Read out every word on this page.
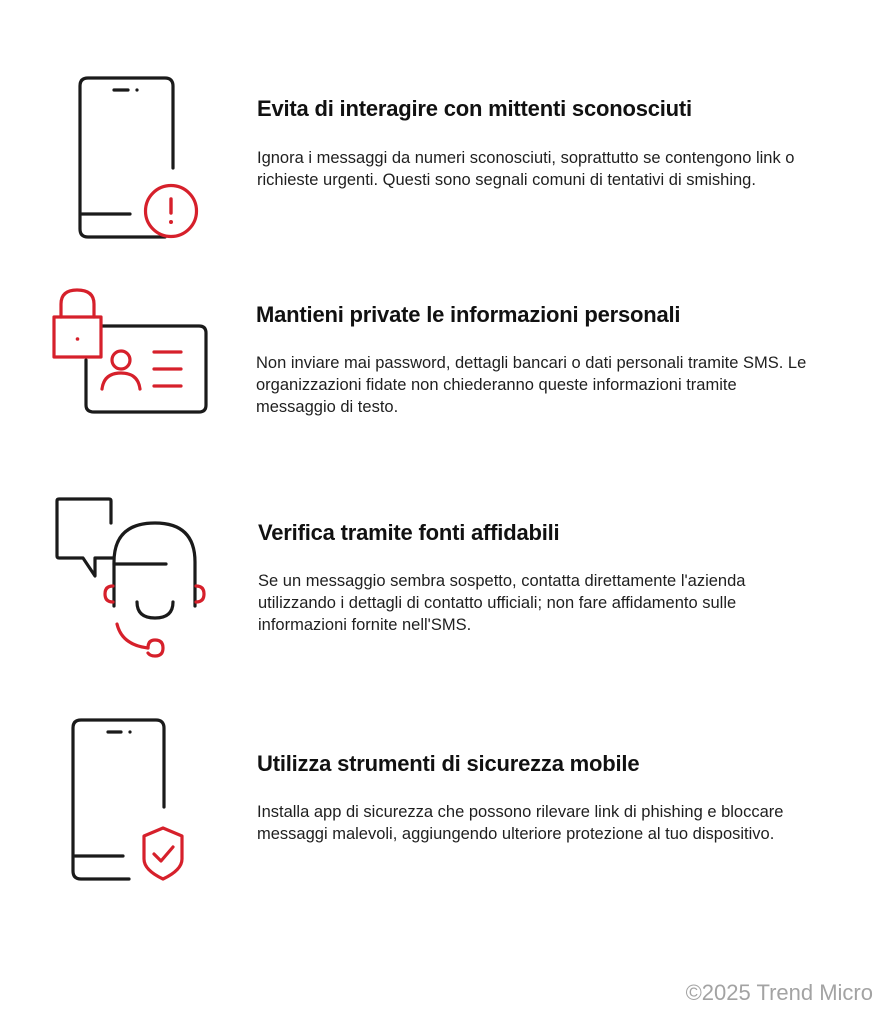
Evita di interagire con mittenti sconosciuti

Ignora i messaggi da numeri sconosciuti, soprattutto se contengono link o richieste urgenti. Questi sono segnali comuni di tentativi di smishing.

Mantieni private le informazioni personali

Non inviare mai password, dettagli bancari o dati personali tramite SMS. Le organizzazioni fidate non chiederanno queste informazioni tramite messaggio di testo.

Verifica tramite fonti affidabili

Se un messaggio sembra sospetto, contatta direttamente l'azienda utilizzando i dettagli di contatto ufficiali; non fare affidamento sulle informazioni fornite nell'SMS.

Utilizza strumenti di sicurezza mobile

Installa app di sicurezza che possono rilevare link di phishing e bloccare messaggi malevoli, aggiungendo ulteriore protezione al tuo dispositivo.

©2025 Trend Micro
